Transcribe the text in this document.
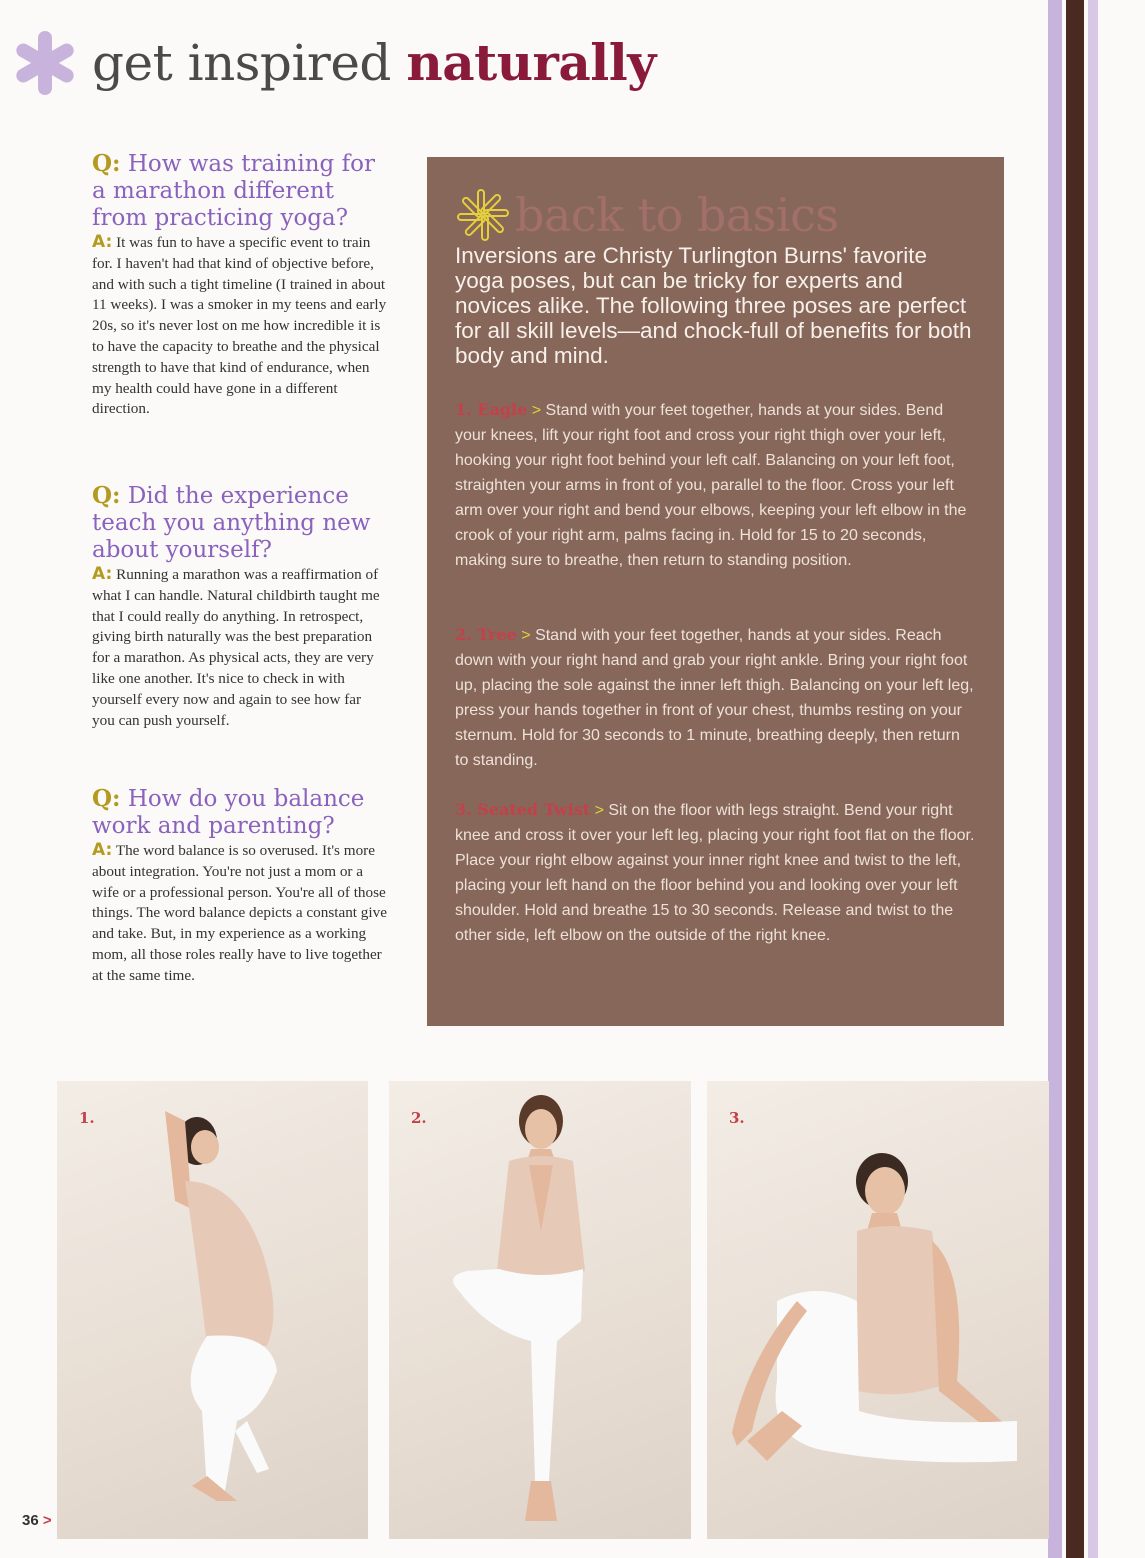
get inspired naturally
Q: How was training for a marathon different from practicing yoga?
A: It was fun to have a specific event to train for. I haven't had that kind of objective before, and with such a tight timeline (I trained in about 11 weeks). I was a smoker in my teens and early 20s, so it's never lost on me how incredible it is to have the capacity to breathe and the physical strength to have that kind of endurance, when my health could have gone in a different direction.
Q: Did the experience teach you anything new about yourself?
A: Running a marathon was a reaffirmation of what I can handle. Natural childbirth taught me that I could really do anything. In retrospect, giving birth naturally was the best preparation for a marathon. As physical acts, they are very like one another. It's nice to check in with yourself every now and again to see how far you can push yourself.
Q: How do you balance work and parenting?
A: The word balance is so overused. It's more about integration. You're not just a mom or a wife or a professional person. You're all of those things. The word balance depicts a constant give and take. But, in my experience as a working mom, all those roles really have to live together at the same time.
back to basics
Inversions are Christy Turlington Burns' favorite yoga poses, but can be tricky for experts and novices alike. The following three poses are perfect for all skill levels—and chock-full of benefits for both body and mind.
1. Eagle > Stand with your feet together, hands at your sides. Bend your knees, lift your right foot and cross your right thigh over your left, hooking your right foot behind your left calf. Balancing on your left foot, straighten your arms in front of you, parallel to the floor. Cross your left arm over your right and bend your elbows, keeping your left elbow in the crook of your right arm, palms facing in. Hold for 15 to 20 seconds, making sure to breathe, then return to standing position.
2. Tree > Stand with your feet together, hands at your sides. Reach down with your right hand and grab your right ankle. Bring your right foot up, placing the sole against the inner left thigh. Balancing on your left leg, press your hands together in front of your chest, thumbs resting on your sternum. Hold for 30 seconds to 1 minute, breathing deeply, then return to standing.
3. Seated Twist > Sit on the floor with legs straight. Bend your right knee and cross it over your left leg, placing your right foot flat on the floor. Place your right elbow against your inner right knee and twist to the left, placing your left hand on the floor behind you and looking over your left shoulder. Hold and breathe 15 to 30 seconds. Release and twist to the other side, left elbow on the outside of the right knee.
1.	2.	3.
36 >
